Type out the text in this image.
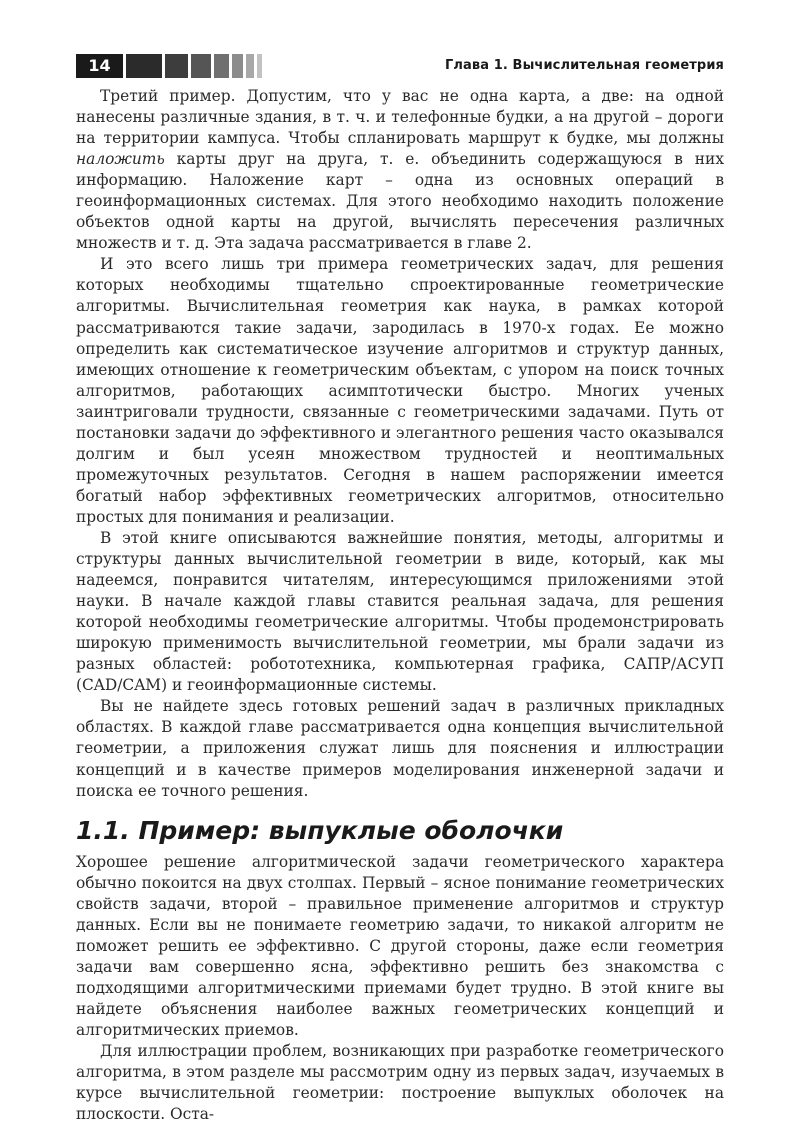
14	Глава 1. Вычислительная геометрия

Третий пример. Допустим, что у вас не одна карта, а две: на одной нанесены различные здания, в т. ч. и телефонные будки, а на другой – дороги на территории кампуса. Чтобы спланировать маршрут к будке, мы должны наложить карты друг на друга, т. е. объединить содержащуюся в них информацию. Наложение карт – одна из основных операций в геоинформационных системах. Для этого необходимо находить положение объектов одной карты на другой, вычислять пересечения различных множеств и т. д. Эта задача рассматривается в главе 2.

И это всего лишь три примера геометрических задач, для решения которых необходимы тщательно спроектированные геометрические алгоритмы. Вычислительная геометрия как наука, в рамках которой рассматриваются такие задачи, зародилась в 1970-х годах. Ее можно определить как систематическое изучение алгоритмов и структур данных, имеющих отношение к геометрическим объектам, с упором на поиск точных алгоритмов, работающих асимптотически быстро. Многих ученых заинтриговали трудности, связанные с геометрическими задачами. Путь от постановки задачи до эффективного и элегантного решения часто оказывался долгим и был усеян множеством трудностей и неоптимальных промежуточных результатов. Сегодня в нашем распоряжении имеется богатый набор эффективных геометрических алгоритмов, относительно простых для понимания и реализации.

В этой книге описываются важнейшие понятия, методы, алгоритмы и структуры данных вычислительной геометрии в виде, который, как мы надеемся, понравится читателям, интересующимся приложениями этой науки. В начале каждой главы ставится реальная задача, для решения которой необходимы геометрические алгоритмы. Чтобы продемонстрировать широкую применимость вычислительной геометрии, мы брали задачи из разных областей: робототехника, компьютерная графика, САПР/АСУП (CAD/CAM) и геоинформационные системы.

Вы не найдете здесь готовых решений задач в различных прикладных областях. В каждой главе рассматривается одна концепция вычислительной геометрии, а приложения служат лишь для пояснения и иллюстрации концепций и в качестве примеров моделирования инженерной задачи и поиска ее точного решения.

1.1. Пример: выпуклые оболочки

Хорошее решение алгоритмической задачи геометрического характера обычно покоится на двух столпах. Первый – ясное понимание геометрических свойств задачи, второй – правильное применение алгоритмов и структур данных. Если вы не понимаете геометрию задачи, то никакой алгоритм не поможет решить ее эффективно. С другой стороны, даже если геометрия задачи вам совершенно ясна, эффективно решить без знакомства с подходящими алгоритмическими приемами будет трудно. В этой книге вы найдете объяснения наиболее важных геометрических концепций и алгоритмических приемов.

Для иллюстрации проблем, возникающих при разработке геометрического алгоритма, в этом разделе мы рассмотрим одну из первых задач, изучаемых в курсе вычислительной геометрии: построение выпуклых оболочек на плоскости. Оста-
